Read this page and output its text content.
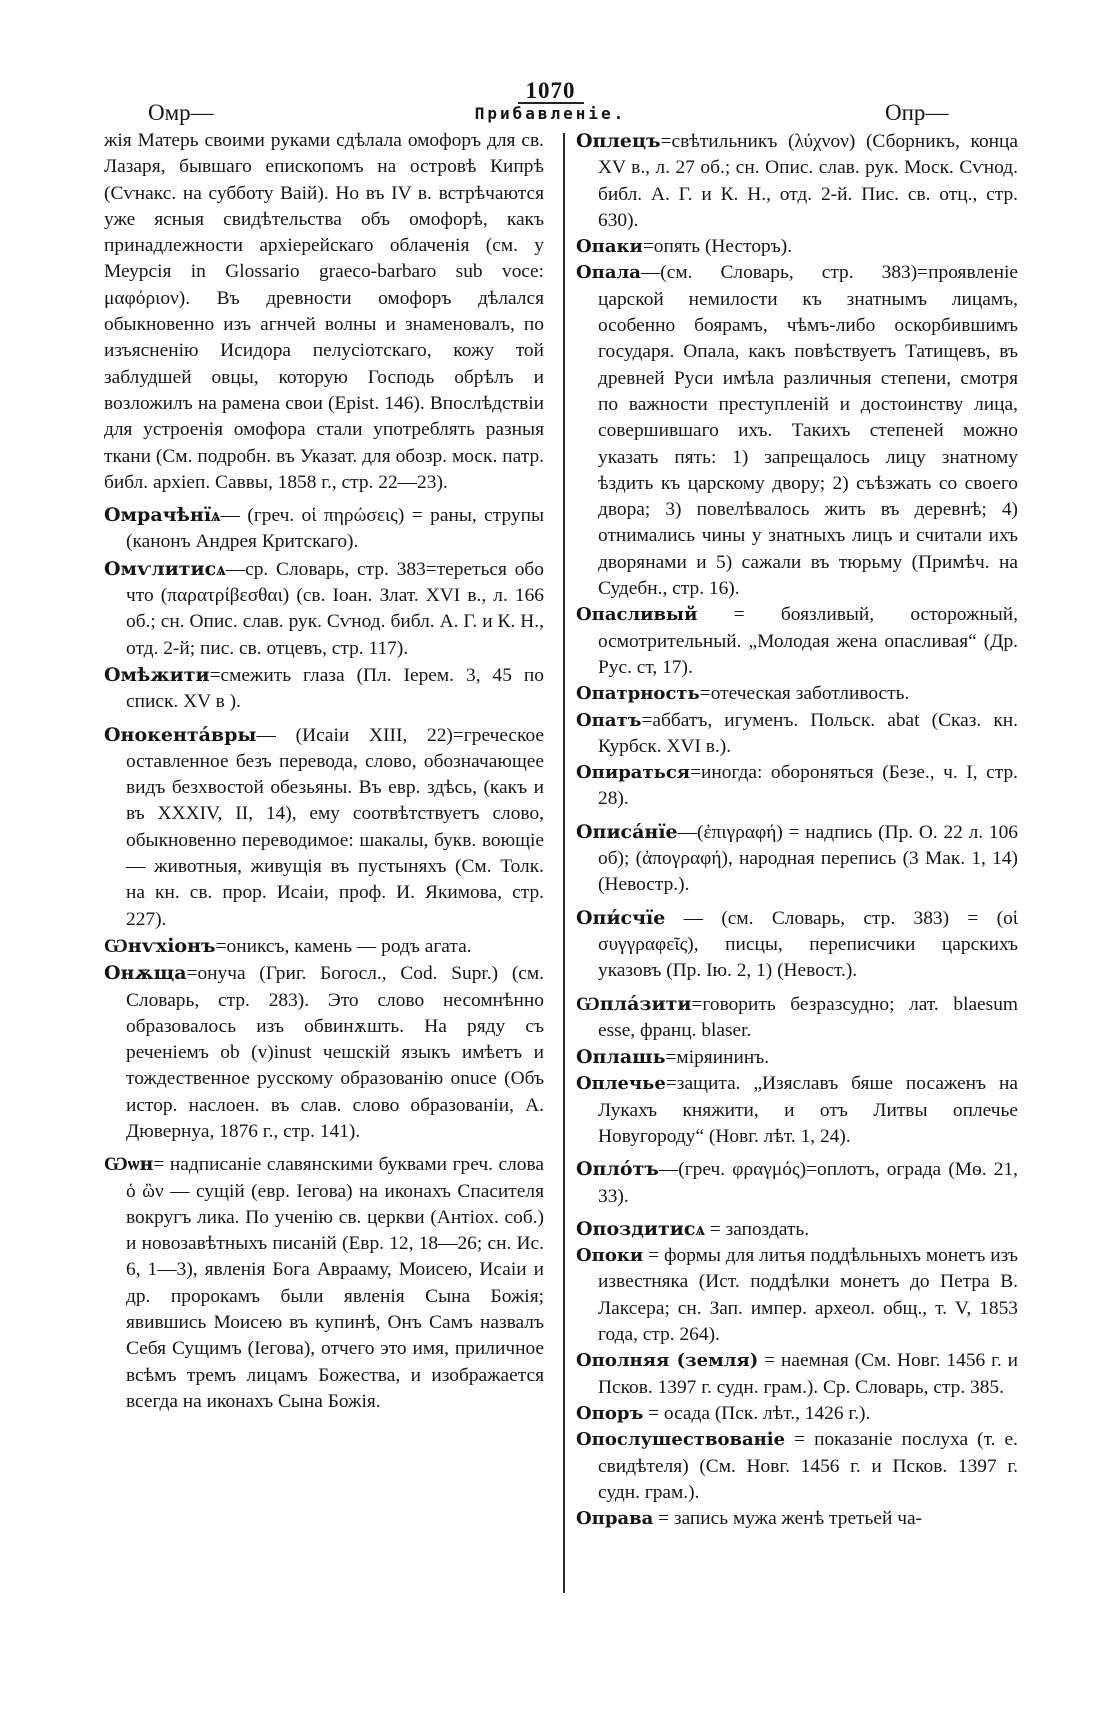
1070
Омр—	Прибавленіе.	Опр—

жія Матерь своими руками сдѣлала омофоръ для св. Лазаря, бывшаго епископомъ на островѣ Кипрѣ (Сѵнакс. на субботу Ваій). Но въ IV в. встрѣчаются уже ясныя свидѣтельства объ омофорѣ, какъ принадлежности архіерейскаго облаченія (см. у Меурсія in Glossario graeco-barbaro sub voce: μαφόριον). Въ древности омофоръ дѣлался обыкновенно изъ агнчей волны и знаменовалъ, по изъясненію Исидора пелусіотскаго, кожу той заблудшей овцы, которую Господь обрѣлъ и возложилъ на рамена свои (Epist. 146). Впослѣдствіи для устроенія омофора стали употреблять разныя ткани (См. подробн. въ Указат. для обозр. моск. патр. библ. архіеп. Саввы, 1858 г., стр. 22—23).

Омрачѣнїѧ— (греч. οἱ πηρώσεις) = раны, струпы (канонъ Андрея Критскаго).

Омѵлитисѧ—ср. Словарь, стр. 383=тереться обо что (παρατρίβεσθαι) (св. Іоан. Злат. XVI в., л. 166 об.; сн. Опис. слав. рук. Сѵнод. библ. А. Г. и К. Н., отд. 2-й; пис. св. отцевъ, стр. 117).

Омѣжити=смежить глаза (Пл. Іерем. 3, 45 по списк. XV в ).

Онокентáвры— (Исаіи XIII, 22)=греческое оставленное безъ перевода, слово, обозначающее видъ безхвостой обезьяны. Въ евр. здѣсь, (какъ и въ XXXIV, II, 14), ему соотвѣтствуетъ слово, обыкновенно переводимое: шакалы, букв. воющіе — животныя, живущія въ пустыняхъ (См. Толк. на кн. св. прор. Исаіи, проф. И. Якимова, стр. 227).

Ѡнѵхіонъ=ониксъ, камень — родъ агата.

Онѫща=онуча (Григ. Богосл., Cod. Supr.) (см. Словарь, стр. 283). Это слово несомнѣнно образовалось изъ обвинѫшть. На ряду съ реченіемъ ob (v)inust чешскій языкъ имѣетъ и тождественное русскому образованію onuce (Объ истор. наслоен. въ слав. слово образованіи, А. Дювернуа, 1876 г., стр. 141).

Ѡѡн= надписаніе славянскими буквами греч. слова ὁ ὢν — сущій (евр. Іегова) на иконахъ Спасителя вокругъ лика. По ученію св. церкви (Антіох. соб.) и новозавѣтныхъ писаній (Евр. 12, 18—26; сн. Ис. 6, 1—3), явленія Бога Аврааму, Моисею, Исаіи и др. пророкамъ были явленія Сына Божія; явившись Моисею въ купинѣ, Онъ Самъ назвалъ Себя Сущимъ (Іегова), отчего это имя, приличное всѣмъ тремъ лицамъ Божества, и изображается всегда на иконахъ Сына Божія.

Оплецъ=свѣтильникъ (λύχνον) (Сборникъ, конца XV в., л. 27 об.; сн. Опис. слав. рук. Моск. Сѵнод. библ. А. Г. и К. Н., отд. 2-й. Пис. св. отц., стр. 630).

Опаки=опять (Несторъ).

Опала—(см. Словарь, стр. 383)=проявленіе царской немилости къ знатнымъ лицамъ, особенно боярамъ, чѣмъ-либо оскорбившимъ государя. Опала, какъ повѣствуетъ Татищевъ, въ древней Руси имѣла различныя степени, смотря по важности преступленій и достоинству лица, совершившаго ихъ. Такихъ степеней можно указать пять: 1) запрещалось лицу знатному ѣздить къ царскому двору; 2) съѣзжать со своего двора; 3) повелѣвалось жить въ деревнѣ; 4) отнимались чины у знатныхъ лицъ и считали ихъ дворянами и 5) сажали въ тюрьму (Примѣч. на Судебн., стр. 16).

Опасливый = боязливый, осторожный, осмотрительный. „Молодая жена опасливая“ (Др. Рус. ст, 17).

Опатрность=отеческая заботливость.

Опатъ=аббатъ, игуменъ. Польск. abat (Сказ. кн. Курбск. XVI в.).

Опираться=иногда: обороняться (Безе., ч. I, стр. 28).

Описáнїе—(ἐπιγραφή) = надпись (Пр. О. 22 л. 106 об); (ἀπογραφή), народная перепись (3 Мак. 1, 14) (Невостр.).

Опи́счїе — (см. Словарь, стр. 383) = (οἱ συγγραφεῖς), писцы, переписчики царскихъ указовъ (Пр. Ію. 2, 1) (Невост.).

Ѡпла́зити=говорить безразсудно; лат. blaesum esse, франц. blaser.

Оплашь=міряининъ.

Оплечье=защита. „Изяславъ бяше посаженъ на Лукахъ княжити, и отъ Литвы оплечье Новугороду“ (Новг. лѣт. 1, 24).

Опло́тъ—(греч. φραγμός)=оплотъ, ограда (Мѳ. 21, 33).

Опоздитисѧ = запоздать.

Опоки = формы для литья поддѣльныхъ монетъ изъ известняка (Ист. поддѣлки монетъ до Петра В. Лаксера; сн. Зап. импер. археол. общ., т. V, 1853 года, стр. 264).

Ополняя (земля) = наемная (См. Новг. 1456 г. и Псков. 1397 г. судн. грам.). Ср. Словарь, стр. 385.

Опоръ = осада (Пск. лѣт., 1426 г.).

Опослушествованіе = показаніе послуха (т. е. свидѣтеля) (См. Новг. 1456 г. и Псков. 1397 г. судн. грам.).

Оправа = запись мужа женѣ третьей ча-
